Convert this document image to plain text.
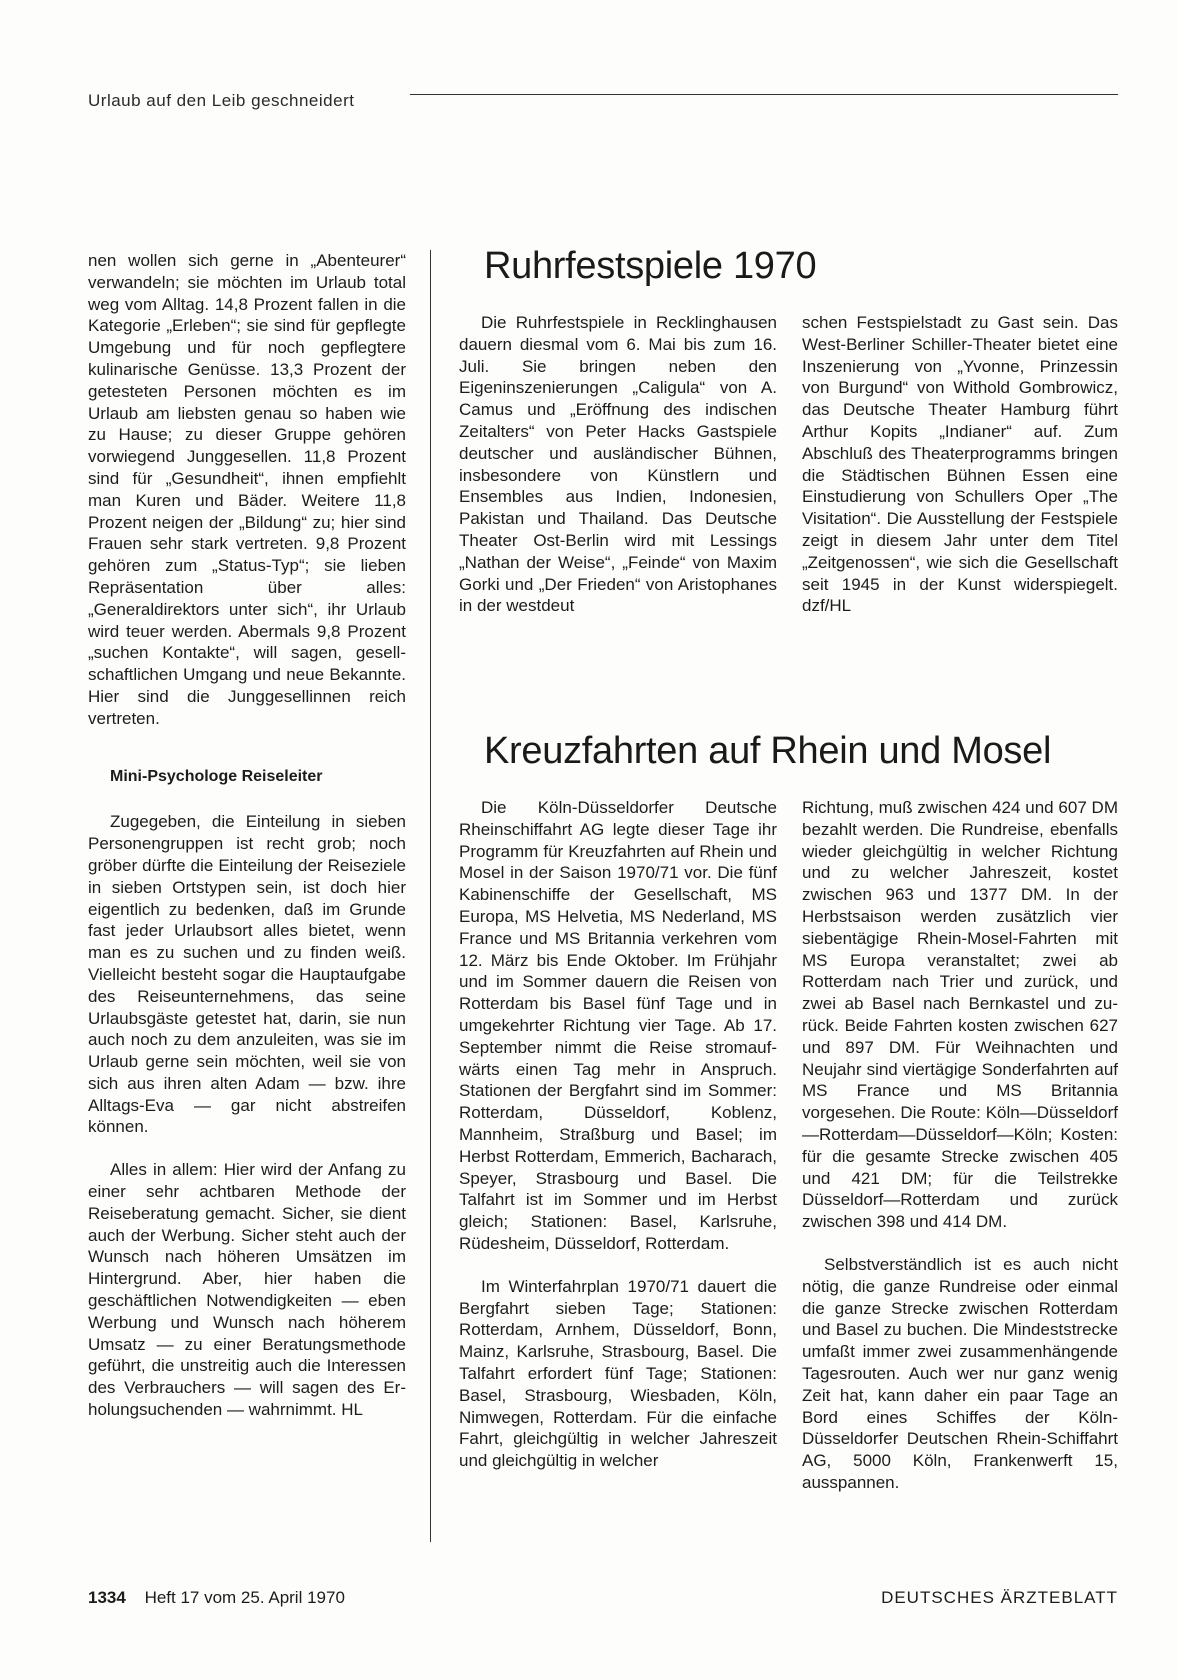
Urlaub auf den Leib geschneidert

nen wollen sich gerne in „Abenteurer“ verwandeln; sie möchten im Urlaub total weg vom Alltag. 14,8 Prozent fallen in die Kategorie „Erleben“; sie sind für gepflegte Umgebung und für noch gepflegtere kulinarische Genüsse. 13,3 Prozent der getesteten Personen möchten es im Urlaub am liebsten genau so haben wie zu Hause; zu dieser Gruppe gehören vorwiegend Junggesellen. 11,8 Prozent sind für „Gesundheit“, ihnen empfiehlt man Kuren und Bäder. Weitere 11,8 Prozent neigen der „Bildung“ zu; hier sind Frauen sehr stark vertreten. 9,8 Prozent gehören zum „Status-Typ“; sie lieben Repräsentation über alles: „Generaldirektors unter sich“, ihr Urlaub wird teuer werden. Abermals 9,8 Prozent „suchen Kontakte“, will sagen, gesellschaftlichen Umgang und neue Bekannte. Hier sind die Junggesellinnen reich vertreten.

Mini-Psychologe Reiseleiter

Zugegeben, die Einteilung in sieben Personengruppen ist recht grob; noch gröber dürfte die Einteilung der Reiseziele in sieben Ortstypen sein, ist doch hier eigentlich zu bedenken, daß im Grunde fast jeder Urlaubsort alles bietet, wenn man es zu suchen und zu finden weiß. Vielleicht besteht sogar die Hauptaufgabe des Reiseunternehmens, das seine Urlaubsgäste getestet hat, darin, sie nun auch noch zu dem anzuleiten, was sie im Urlaub gerne sein möchten, weil sie von sich aus ihren alten Adam — bzw. ihre Alltags-Eva — gar nicht abstreifen können.

Alles in allem: Hier wird der Anfang zu einer sehr achtbaren Methode der Reiseberatung gemacht. Sicher, sie dient auch der Werbung. Sicher steht auch der Wunsch nach höheren Umsätzen im Hintergrund. Aber, hier haben die geschäftlichen Notwendigkeiten — eben Werbung und Wunsch nach höherem Umsatz — zu einer Beratungsmethode geführt, die unstreitig auch die Interessen des Verbrauchers — will sagen des Erholungsuchenden — wahrnimmt. HL

Ruhrfestspiele 1970

Die Ruhrfestspiele in Recklinghausen dauern diesmal vom 6. Mai bis zum 16. Juli. Sie bringen neben den Eigeninszenierungen „Caligula“ von A. Camus und „Eröffnung des indischen Zeitalters“ von Peter Hacks Gastspiele deutscher und ausländischer Bühnen, insbesondere von Künstlern und Ensembles aus Indien, Indonesien, Pakistan und Thailand. Das Deutsche Theater Ost-Berlin wird mit Lessings „Nathan der Weise“, „Feinde“ von Maxim Gorki und „Der Frieden“ von Aristophanes in der westdeut

schen Festspielstadt zu Gast sein. Das West-Berliner Schiller-Theater bietet eine Inszenierung von „Yvonne, Prinzessin von Burgund“ von Withold Gombrowicz, das Deutsche Theater Hamburg führt Arthur Kopits „Indianer“ auf. Zum Abschluß des Theaterprogramms bringen die Städtischen Bühnen Essen eine Einstudierung von Schullers Oper „The Visitation“. Die Ausstellung der Festspiele zeigt in diesem Jahr unter dem Titel „Zeitgenossen“, wie sich die Gesellschaft seit 1945 in der Kunst widerspiegelt. dzf/HL

Kreuzfahrten auf Rhein und Mosel

Die Köln-Düsseldorfer Deutsche Rheinschiffahrt AG legte dieser Tage ihr Programm für Kreuzfahrten auf Rhein und Mosel in der Saison 1970/71 vor. Die fünf Kabinenschiffe der Gesellschaft, MS Europa, MS Helvetia, MS Nederland, MS France und MS Britannia verkehren vom 12. März bis Ende Oktober. Im Frühjahr und im Sommer dauern die Reisen von Rotterdam bis Basel fünf Tage und in umgekehrter Richtung vier Tage. Ab 17. September nimmt die Reise stromaufwärts einen Tag mehr in Anspruch. Stationen der Bergfahrt sind im Sommer: Rotterdam, Düsseldorf, Koblenz, Mannheim, Straßburg und Basel; im Herbst Rotterdam, Emmerich, Bacharach, Speyer, Strasbourg und Basel. Die Talfahrt ist im Sommer und im Herbst gleich; Stationen: Basel, Karlsruhe, Rüdesheim, Düsseldorf, Rotterdam.

Im Winterfahrplan 1970/71 dauert die Bergfahrt sieben Tage; Stationen: Rotterdam, Arnhem, Düsseldorf, Bonn, Mainz, Karlsruhe, Strasbourg, Basel. Die Talfahrt erfordert fünf Tage; Stationen: Basel, Strasbourg, Wiesbaden, Köln, Nimwegen, Rotterdam. Für die einfache Fahrt, gleichgültig in welcher Jahreszeit und gleichgültig in welcher

Richtung, muß zwischen 424 und 607 DM bezahlt werden. Die Rundreise, ebenfalls wieder gleichgültig in welcher Richtung und zu welcher Jahreszeit, kostet zwischen 963 und 1377 DM. In der Herbstsaison werden zusätzlich vier siebentägige Rhein-Mosel-Fahrten mit MS Europa veranstaltet; zwei ab Rotterdam nach Trier und zurück, und zwei ab Basel nach Bernkastel und zurück. Beide Fahrten kosten zwischen 627 und 897 DM. Für Weihnachten und Neujahr sind viertägige Sonderfahrten auf MS France und MS Britannia vorgesehen. Die Route: Köln—Düsseldorf—Rotterdam—Düsseldorf—Köln; Kosten: für die gesamte Strecke zwischen 405 und 421 DM; für die Teilstrekke Düsseldorf—Rotterdam und zurück zwischen 398 und 414 DM.

Selbstverständlich ist es auch nicht nötig, die ganze Rundreise oder einmal die ganze Strecke zwischen Rotterdam und Basel zu buchen. Die Mindeststrecke umfaßt immer zwei zusammenhängende Tagesrouten. Auch wer nur ganz wenig Zeit hat, kann daher ein paar Tage an Bord eines Schiffes der Köln-Düsseldorfer Deutschen Rhein-Schiffahrt AG, 5000 Köln, Frankenwerft 15, ausspannen.

1334 Heft 17 vom 25. April 1970	DEUTSCHES ÄRZTEBLATT
